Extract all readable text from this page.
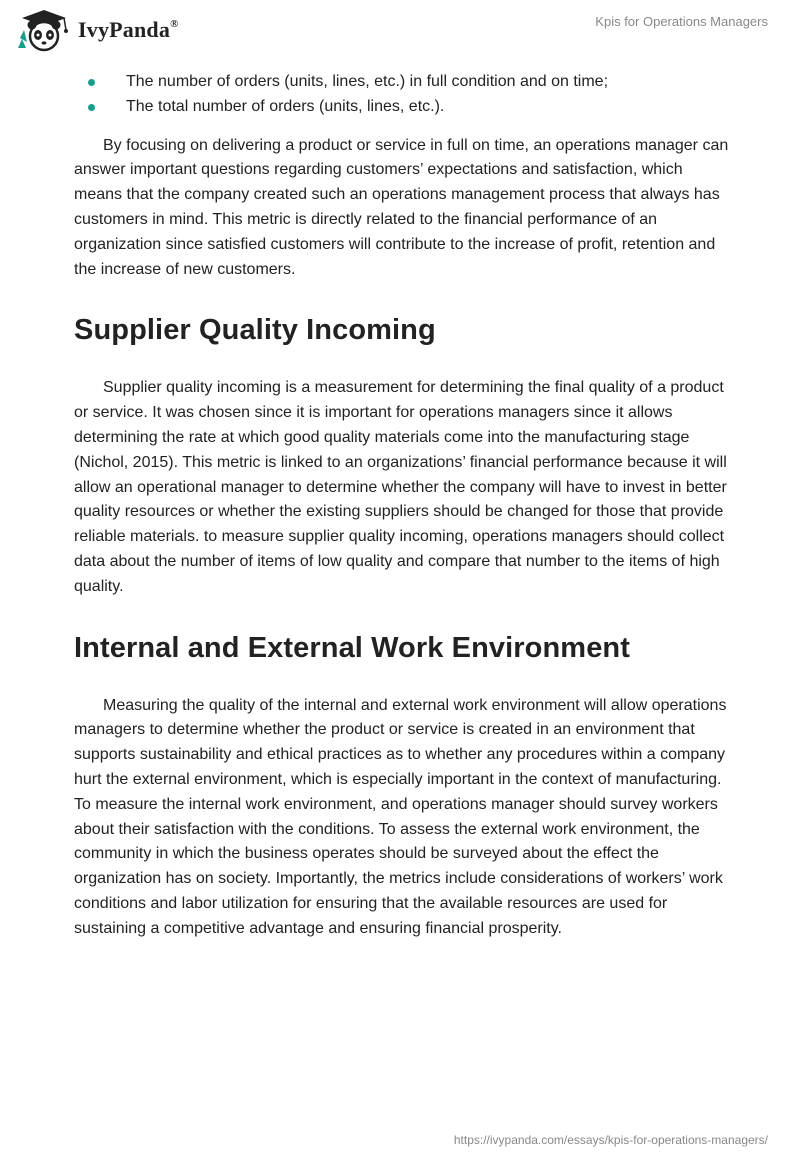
IvyPanda®	Kpis for Operations Managers
The number of orders (units, lines, etc.) in full condition and on time;
The total number of orders (units, lines, etc.).

By focusing on delivering a product or service in full on time, an operations manager can answer important questions regarding customers’ expectations and satisfaction, which means that the company created such an operations management process that always has customers in mind. This metric is directly related to the financial performance of an organization since satisfied customers will contribute to the increase of profit, retention and the increase of new customers.

Supplier Quality Incoming

Supplier quality incoming is a measurement for determining the final quality of a product or service. It was chosen since it is important for operations managers since it allows determining the rate at which good quality materials come into the manufacturing stage (Nichol, 2015). This metric is linked to an organizations’ financial performance because it will allow an operational manager to determine whether the company will have to invest in better quality resources or whether the existing suppliers should be changed for those that provide reliable materials. to measure supplier quality incoming, operations managers should collect data about the number of items of low quality and compare that number to the items of high quality.

Internal and External Work Environment

Measuring the quality of the internal and external work environment will allow operations managers to determine whether the product or service is created in an environment that supports sustainability and ethical practices as to whether any procedures within a company hurt the external environment, which is especially important in the context of manufacturing. To measure the internal work environment, and operations manager should survey workers about their satisfaction with the conditions. To assess the external work environment, the community in which the business operates should be surveyed about the effect the organization has on society. Importantly, the metrics include considerations of workers’ work conditions and labor utilization for ensuring that the available resources are used for sustaining a competitive advantage and ensuring financial prosperity.

https://ivypanda.com/essays/kpis-for-operations-managers/
